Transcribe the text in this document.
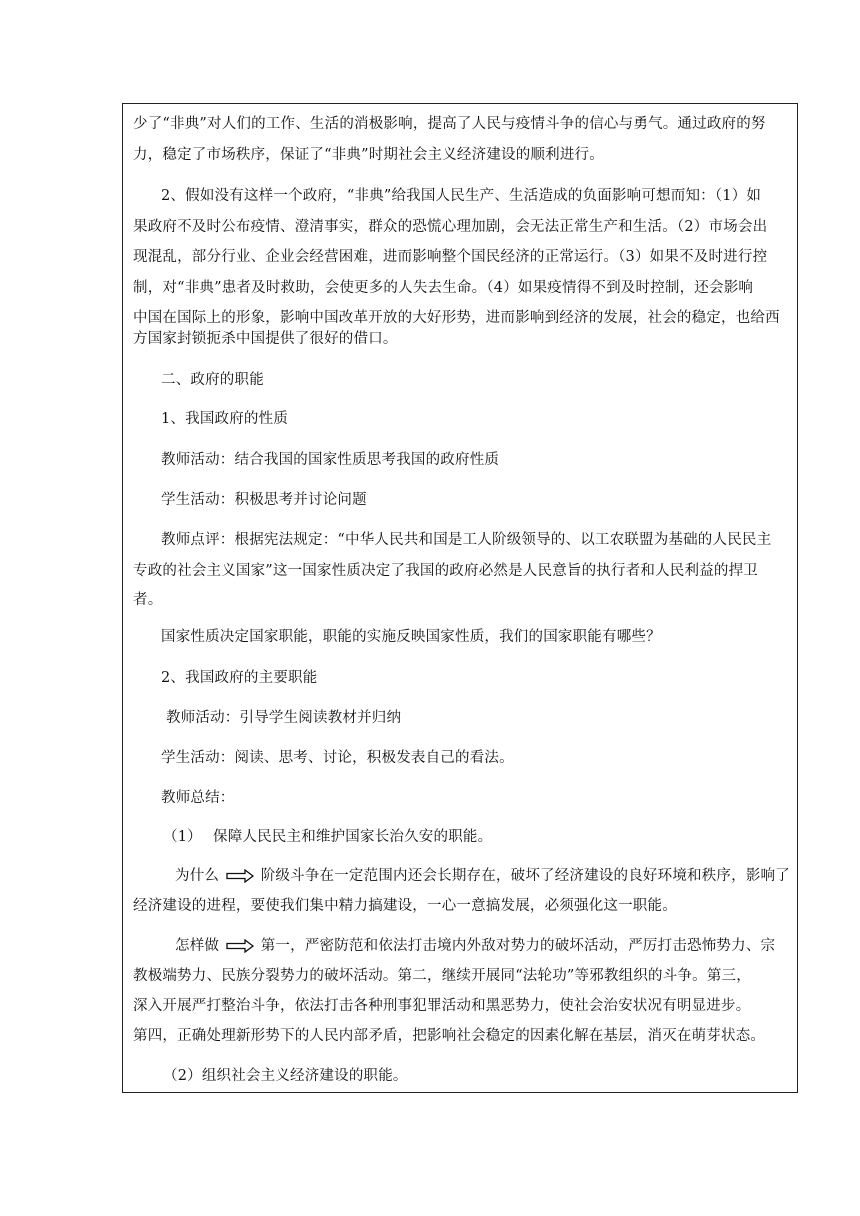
少了“非典”对人们的工作、生活的消极影响，提高了人民与疫情斗争的信心与勇气。通过政府的努
力，稳定了市场秩序，保证了“非典”时期社会主义经济建设的顺利进行。
2、假如没有这样一个政府，“非典”给我国人民生产、生活造成的负面影响可想而知：（1）如
果政府不及时公布疫情、澄清事实，群众的恐慌心理加剧，会无法正常生产和生活。（2）市场会出
现混乱，部分行业、企业会经营困难，进而影响整个国民经济的正常运行。（3）如果不及时进行控
制，对“非典”患者及时救助，会使更多的人失去生命。（4）如果疫情得不到及时控制，还会影响
中国在国际上的形象，影响中国改革开放的大好形势，进而影响到经济的发展，社会的稳定，也给西
方国家封锁扼杀中国提供了很好的借口。
二、政府的职能
1、我国政府的性质
教师活动：结合我国的国家性质思考我国的政府性质
学生活动：积极思考并讨论问题
教师点评：根据宪法规定：“中华人民共和国是工人阶级领导的、以工农联盟为基础的人民民主
专政的社会主义国家”这一国家性质决定了我国的政府必然是人民意旨的执行者和人民利益的捍卫
者。
国家性质决定国家职能，职能的实施反映国家性质，我们的国家职能有哪些？
2、我国政府的主要职能
教师活动：引导学生阅读教材并归纳
学生活动：阅读、思考、讨论，积极发表自己的看法。
教师总结：
（1） 保障人民民主和维护国家长治久安的职能。
为什么	阶级斗争在一定范围内还会长期存在，破坏了经济建设的良好环境和秩序，影响了
经济建设的进程，要使我们集中精力搞建设，一心一意搞发展，必须强化这一职能。
怎样做	第一，严密防范和依法打击境内外敌对势力的破坏活动，严厉打击恐怖势力、宗
教极端势力、民族分裂势力的破坏活动。第二，继续开展同“法轮功”等邪教组织的斗争。第三，
深入开展严打整治斗争，依法打击各种刑事犯罪活动和黑恶势力，使社会治安状况有明显进步。
第四，正确处理新形势下的人民内部矛盾，把影响社会稳定的因素化解在基层，消灭在萌芽状态。
（2）组织社会主义经济建设的职能。
